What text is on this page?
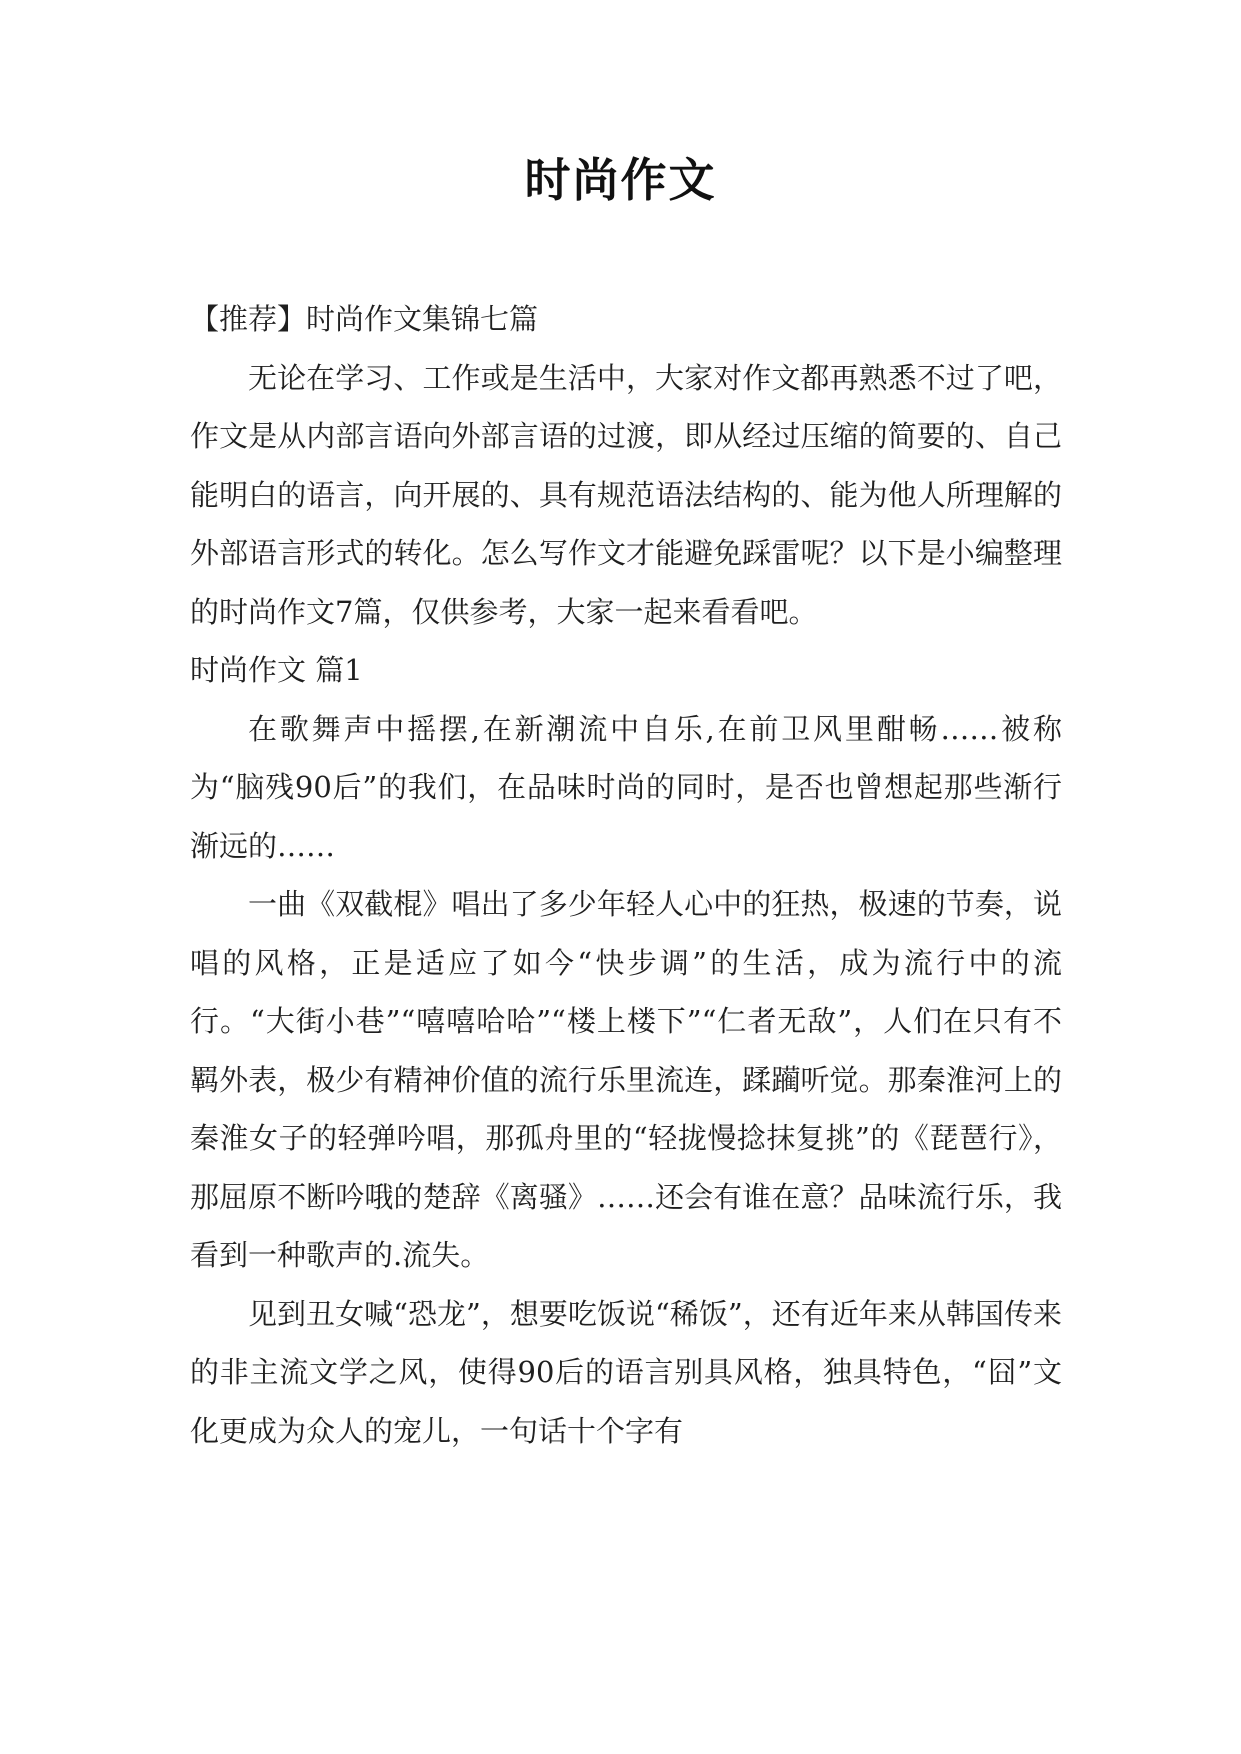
时尚作文

【推荐】时尚作文集锦七篇

无论在学习、工作或是生活中，大家对作文都再熟悉不过了吧，作文是从内部言语向外部言语的过渡，即从经过压缩的简要的、自己能明白的语言，向开展的、具有规范语法结构的、能为他人所理解的外部语言形式的转化。怎么写作文才能避免踩雷呢？以下是小编整理的时尚作文7篇，仅供参考，大家一起来看看吧。

时尚作文 篇1

在歌舞声中摇摆,在新潮流中自乐,在前卫风里酣畅……被称为“脑残90后”的我们，在品味时尚的同时，是否也曾想起那些渐行渐远的……

一曲《双截棍》唱出了多少年轻人心中的狂热，极速的节奏，说唱的风格，正是适应了如今“快步调”的生活，成为流行中的流行。“大街小巷”“嘻嘻哈哈”“楼上楼下”“仁者无敌”，人们在只有不羁外表，极少有精神价值的流行乐里流连，蹂躏听觉。那秦淮河上的秦淮女子的轻弹吟唱，那孤舟里的“轻拢慢捻抹复挑”的《琵琶行》，那屈原不断吟哦的楚辞《离骚》……还会有谁在意？品味流行乐，我看到一种歌声的.流失。

见到丑女喊“恐龙”，想要吃饭说“稀饭”，还有近年来从韩国传来的非主流文学之风，使得90后的语言别具风格，独具特色，“囧”文化更成为众人的宠儿，一句话十个字有
